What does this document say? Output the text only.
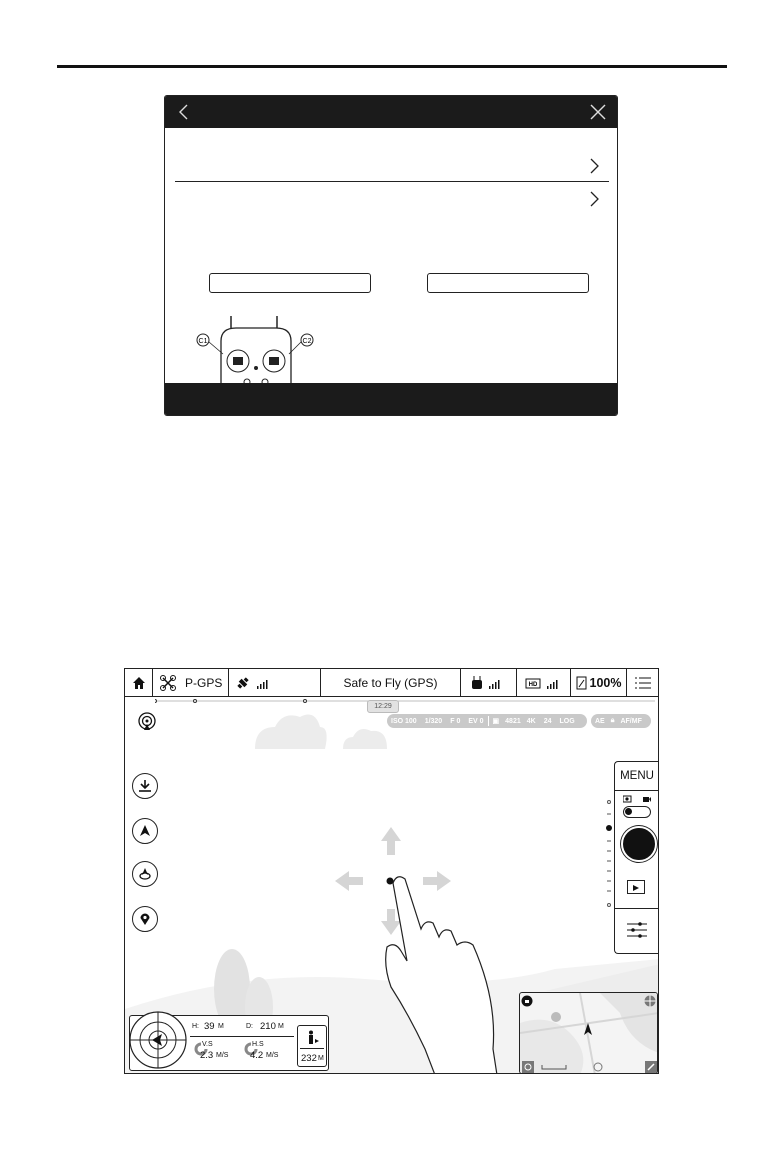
C1	C2
P-GPS	Safe to Fly (GPS)	HD	100%
12:29
ISO 100	1/320	F 0	EV 0	▣ 4821 4K	24	LOG	AE 🔒︎ AF/MF
MENU
H: 39 M	D: 210 M
V.S
2.3 M/S
H.S
4.2 M/S 232 M
